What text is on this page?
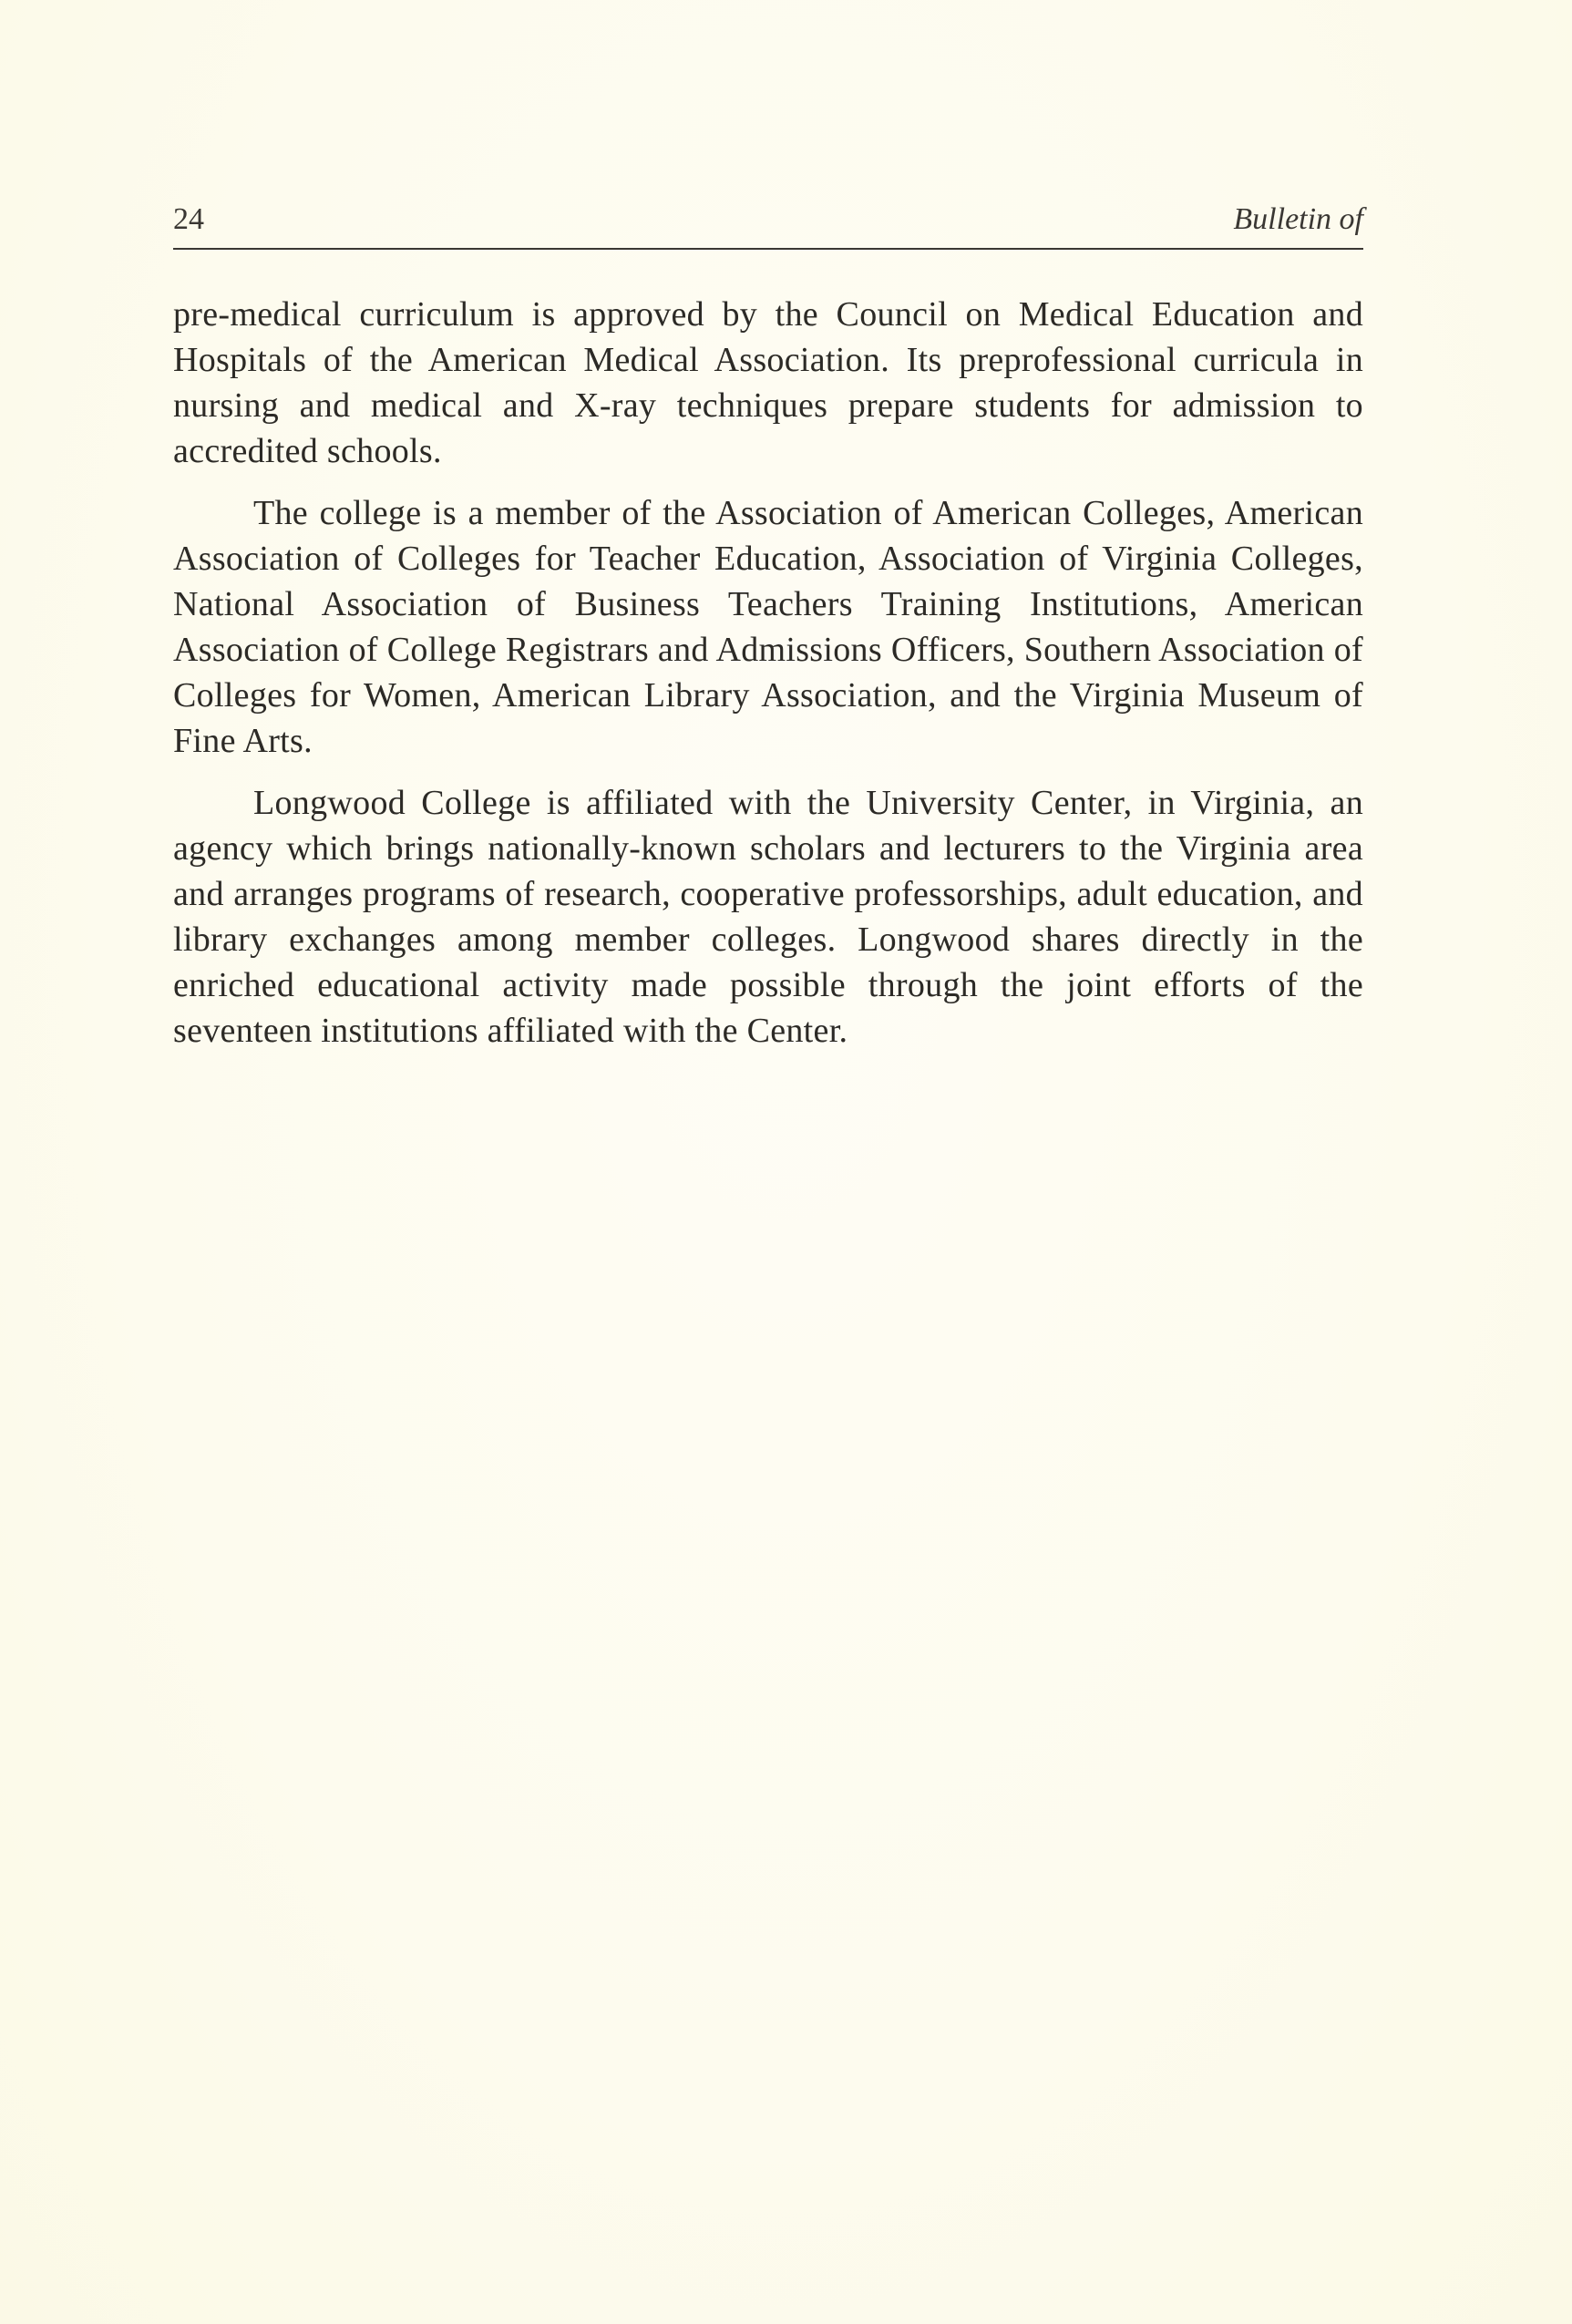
24	Bulletin of

pre-medical curriculum is approved by the Council on Medical Education and Hospitals of the American Medical Association. Its preprofessional curricula in nursing and medical and X-ray techniques prepare students for admission to accredited schools.

The college is a member of the Association of American Colleges, American Association of Colleges for Teacher Education, Association of Virginia Colleges, National Association of Business Teachers Training Institutions, American Association of College Registrars and Admissions Officers, Southern Association of Colleges for Women, American Library Association, and the Virginia Museum of Fine Arts.

Longwood College is affiliated with the University Center, in Virginia, an agency which brings nationally-known scholars and lecturers to the Virginia area and arranges programs of research, cooperative professorships, adult education, and library exchanges among member colleges. Longwood shares directly in the enriched educational activity made possible through the joint efforts of the seventeen institutions affiliated with the Center.
